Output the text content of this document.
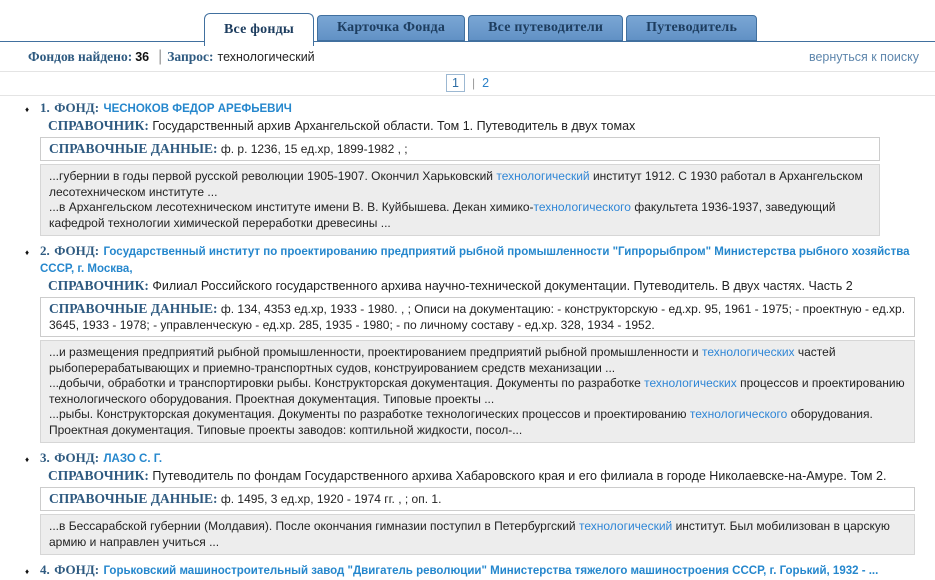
Все фонды	Карточка Фонда	Все путеводители	Путеводитель
Фондов найдено: 36 | Запрос: технологический	вернуться к поиску
1	| 2
♦ 1. ФОНД: ЧЕСНОКОВ ФЕДОР АРЕФЬЕВИЧ
СПРАВОЧНИК: Государственный архив Архангельской области. Том 1. Путеводитель в двух томах
СПРАВОЧНЫЕ ДАННЫЕ: ф. р. 1236, 15 ед.хр, 1899-1982 , ;
...губернии в годы первой русской революции 1905-1907. Окончил Харьковский технологический институт 1912. С 1930 работал в Архангельском лесотехническом институте ...
...в Архангельском лесотехническом институте имени В. В. Куйбышева. Декан химико-технологического факультета 1936-1937, заведующий кафедрой технологии химической переработки древесины ...
♦ 2. ФОНД: Государственный институт по проектированию предприятий рыбной промышленности "Гипрорыбпром" Министерства рыбного хозяйства СССР, г. Москва,
СПРАВОЧНИК: Филиал Российского государственного архива научно-технической документации. Путеводитель. В двух частях. Часть 2
СПРАВОЧНЫЕ ДАННЫЕ: ф. 134, 4353 ед.хр, 1933 - 1980. , ; Описи на документацию: - конструкторскую - ед.хр. 95, 1961 - 1975; - проектную - ед.хр. 3645, 1933 - 1978; - управленческую - ед.хр. 285, 1935 - 1980; - по личному составу - ед.хр. 328, 1934 - 1952.
...и размещения предприятий рыбной промышленности, проектированием предприятий рыбной промышленности и технологических частей рыбоперерабатывающих и приемно-транспортных судов, конструированием средств механизации ...
...добычи, обработки и транспортировки рыбы. Конструкторская документация. Документы по разработке технологических процессов и проектированию технологического оборудования. Проектная документация. Типовые проекты ...
...рыбы. Конструкторская документация. Документы по разработке технологических процессов и проектированию технологического оборудования. Проектная документация. Типовые проекты заводов: коптильной жидкости, посол-...
♦ 3. ФОНД: ЛАЗО С. Г.
СПРАВОЧНИК: Путеводитель по фондам Государственного архива Хабаровского края и его филиала в городе Николаевске-на-Амуре. Том 2.
СПРАВОЧНЫЕ ДАННЫЕ: ф. 1495, 3 ед.хр, 1920 - 1974 гг. , ; оп. 1.
...в Бессарабской губернии (Молдавия). После окончания гимназии поступил в Петербургский технологический институт. Был мобилизован в царскую армию и направлен учиться ...
♦ 4. ФОНД: Горьковский машиностроительный завод "Двигатель революции" Министерства тяжелого машиностроения СССР, г. Горький, 1932 - ...
